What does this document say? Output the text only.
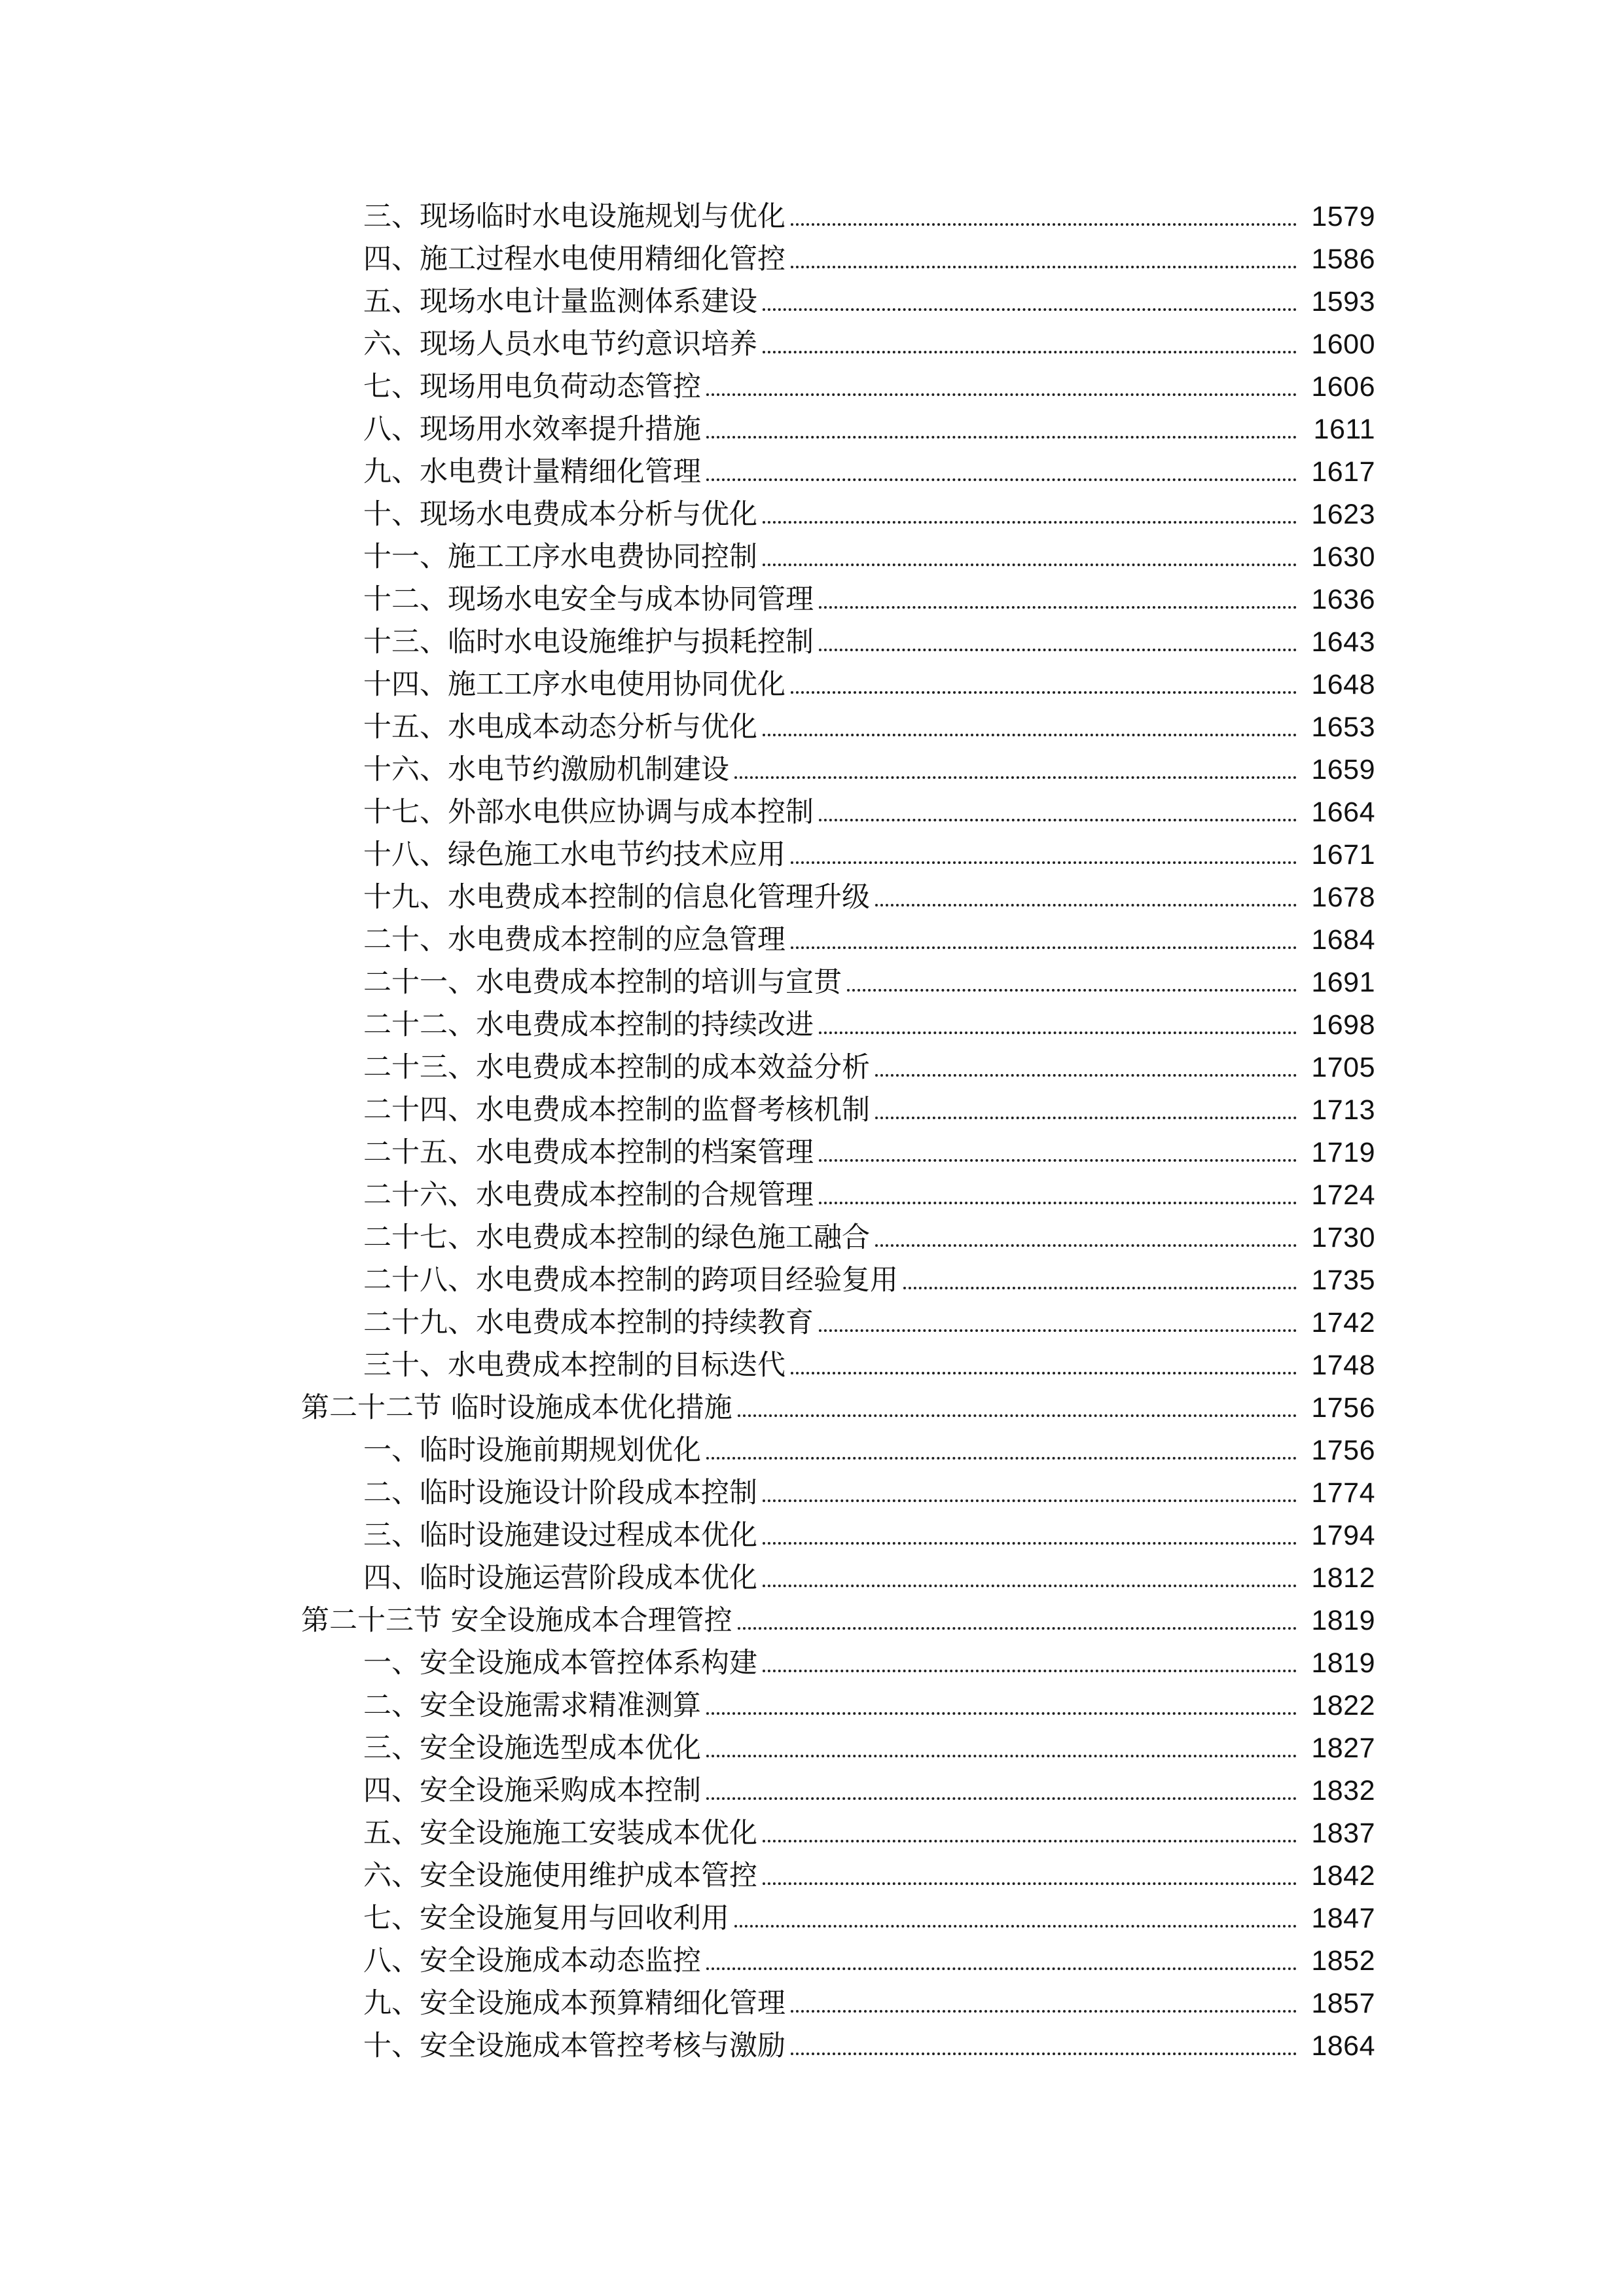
三、现场临时水电设施规划与优化	1579
四、施工过程水电使用精细化管控	1586
五、现场水电计量监测体系建设	1593
六、现场人员水电节约意识培养	1600
七、现场用电负荷动态管控	1606
八、现场用水效率提升措施	1611
九、水电费计量精细化管理	1617
十、现场水电费成本分析与优化	1623
十一、施工工序水电费协同控制	1630
十二、现场水电安全与成本协同管理	1636
十三、临时水电设施维护与损耗控制	1643
十四、施工工序水电使用协同优化	1648
十五、水电成本动态分析与优化	1653
十六、水电节约激励机制建设	1659
十七、外部水电供应协调与成本控制	1664
十八、绿色施工水电节约技术应用	1671
十九、水电费成本控制的信息化管理升级	1678
二十、水电费成本控制的应急管理	1684
二十一、水电费成本控制的培训与宣贯	1691
二十二、水电费成本控制的持续改进	1698
二十三、水电费成本控制的成本效益分析	1705
二十四、水电费成本控制的监督考核机制	1713
二十五、水电费成本控制的档案管理	1719
二十六、水电费成本控制的合规管理	1724
二十七、水电费成本控制的绿色施工融合	1730
二十八、水电费成本控制的跨项目经验复用	1735
二十九、水电费成本控制的持续教育	1742
三十、水电费成本控制的目标迭代	1748
第二十二节 临时设施成本优化措施	1756
一、临时设施前期规划优化	1756
二、临时设施设计阶段成本控制	1774
三、临时设施建设过程成本优化	1794
四、临时设施运营阶段成本优化	1812
第二十三节 安全设施成本合理管控	1819
一、安全设施成本管控体系构建	1819
二、安全设施需求精准测算	1822
三、安全设施选型成本优化	1827
四、安全设施采购成本控制	1832
五、安全设施施工安装成本优化	1837
六、安全设施使用维护成本管控	1842
七、安全设施复用与回收利用	1847
八、安全设施成本动态监控	1852
九、安全设施成本预算精细化管理	1857
十、安全设施成本管控考核与激励	1864
